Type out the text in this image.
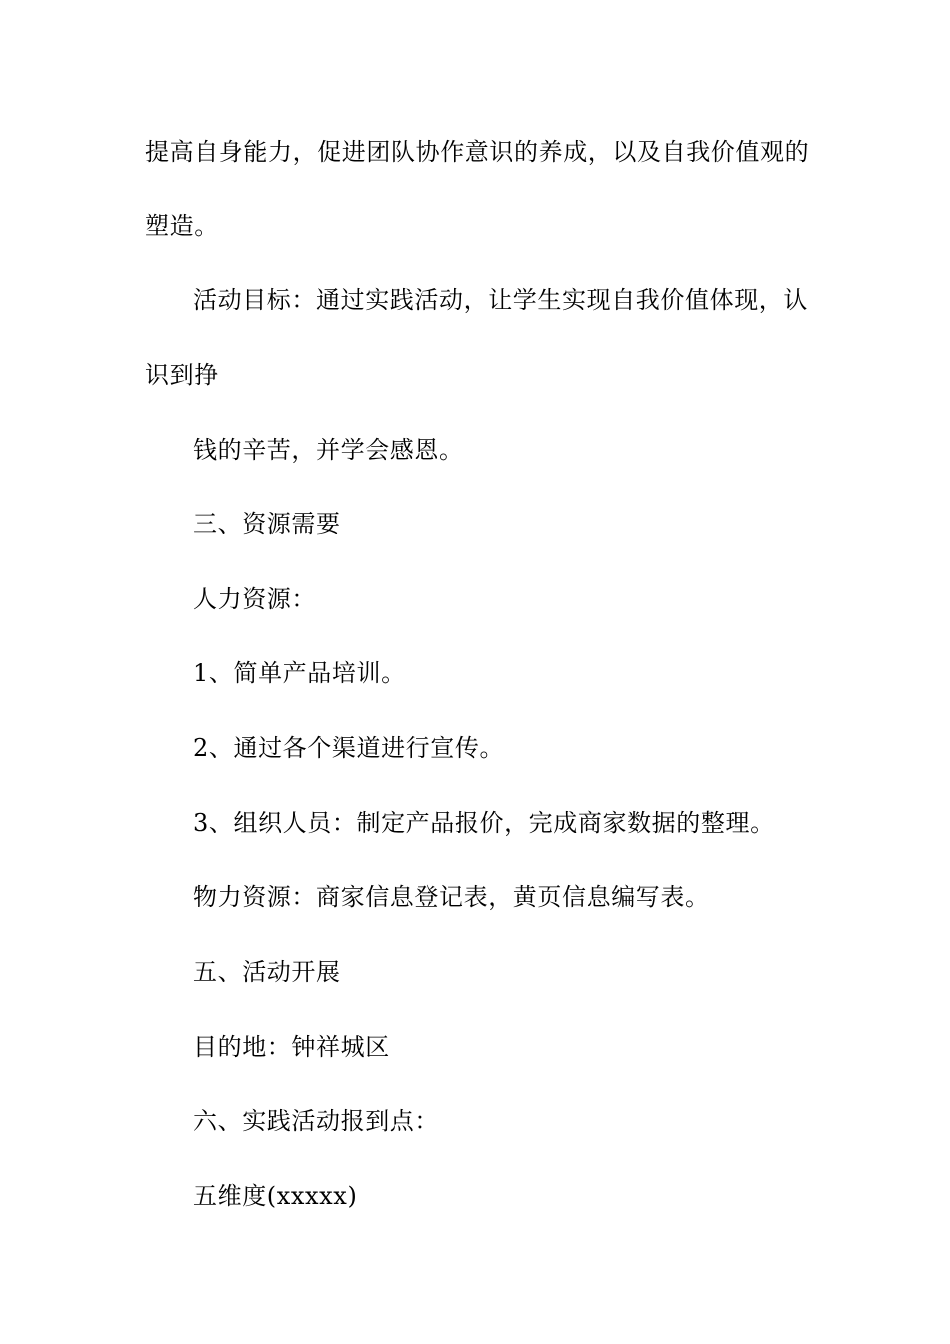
提高自身能力，促进团队协作意识的养成，以及自我价值观的
塑造。
活动目标：通过实践活动，让学生实现自我价值体现，认
识到挣
钱的辛苦，并学会感恩。
三、资源需要
人力资源：
1、简单产品培训。
2、通过各个渠道进行宣传。
3、组织人员：制定产品报价，完成商家数据的整理。
物力资源：商家信息登记表，黄页信息编写表。
五、活动开展
目的地：钟祥城区
六、实践活动报到点：
五维度(xxxxx)
